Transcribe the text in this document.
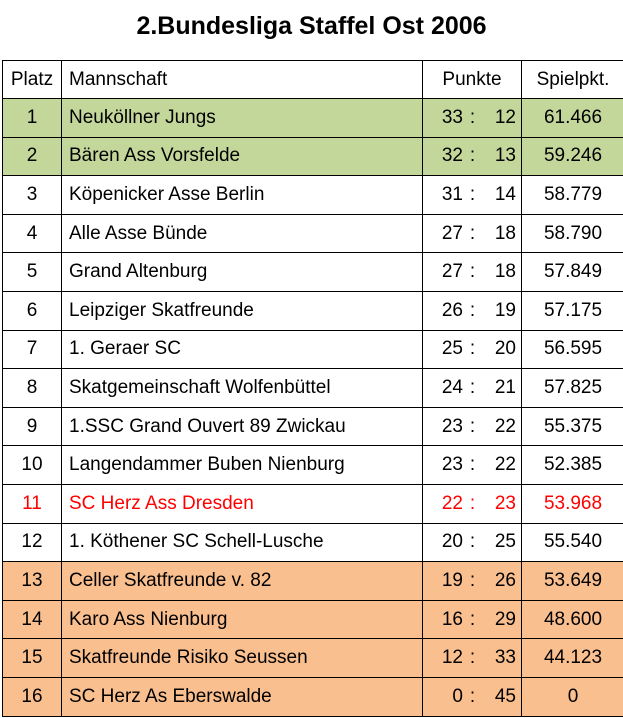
2.Bundesliga Staffel Ost 2006
Platz	Mannschaft	Punkte	Spielpkt.
1	Neuköllner Jungs	33 : 12	61.466
2	Bären Ass Vorsfelde	32 : 13	59.246
3	Köpenicker Asse Berlin	31 : 14	58.779
4	Alle Asse Bünde	27 : 18	58.790
5	Grand Altenburg	27 : 18	57.849
6	Leipziger Skatfreunde	26 : 19	57.175
7	1. Geraer SC	25 : 20	56.595
8	Skatgemeinschaft Wolfenbüttel	24 : 21	57.825
9	1.SSC Grand Ouvert 89 Zwickau	23 : 22	55.375
10	Langendammer Buben Nienburg	23 : 22	52.385
11	SC Herz Ass Dresden	22 : 23	53.968
12	1. Köthener SC Schell-Lusche	20 : 25	55.540
13	Celler Skatfreunde v. 82	19 : 26	53.649
14	Karo Ass Nienburg	16 : 29	48.600
15	Skatfreunde Risiko Seussen	12 : 33	44.123
16	SC Herz As Eberswalde	0 : 45	0
